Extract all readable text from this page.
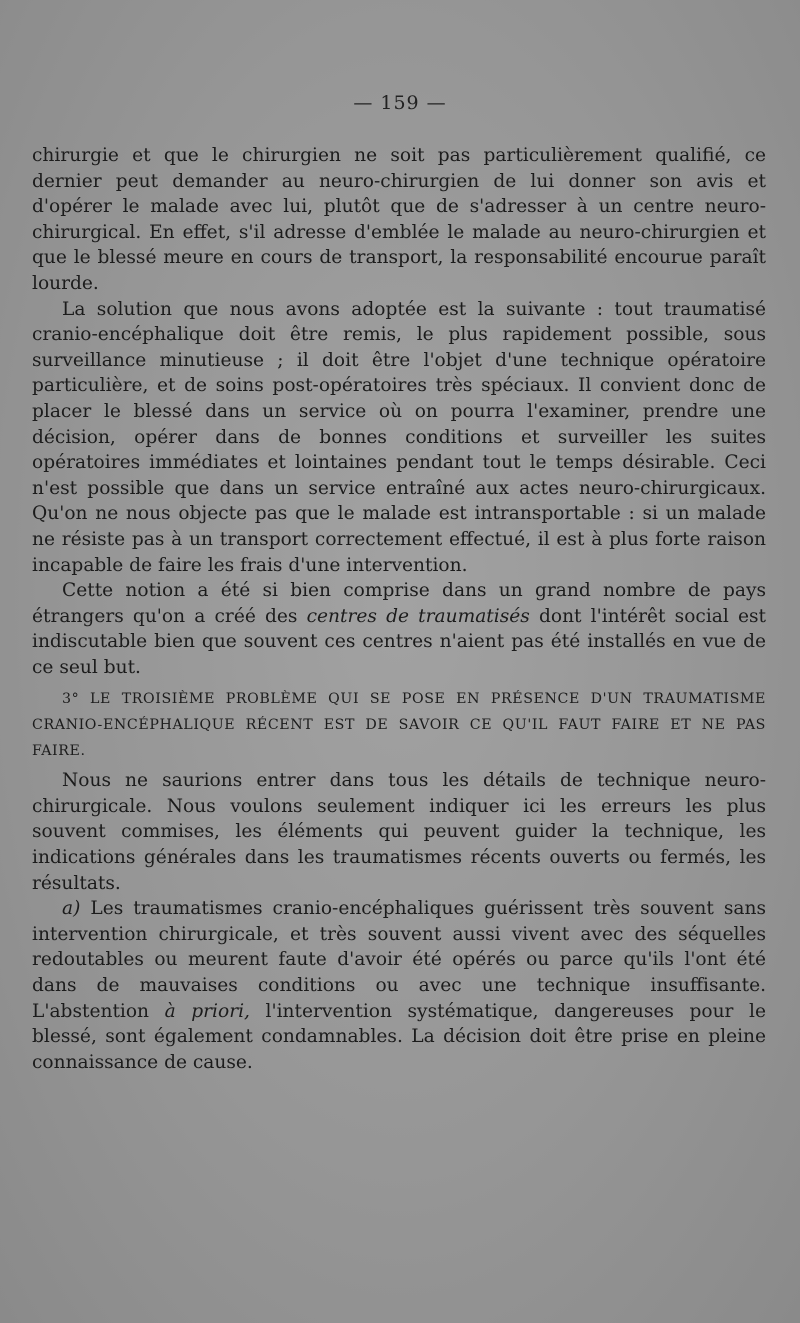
— 159 —

chirurgie et que le chirurgien ne soit pas particulièrement qualifié, ce dernier peut demander au neuro-chirurgien de lui donner son avis et d'opérer le malade avec lui, plutôt que de s'adresser à un centre neuro-chirurgical. En effet, s'il adresse d'emblée le malade au neuro-chirurgien et que le blessé meure en cours de transport, la responsabilité encourue paraît lourde.

La solution que nous avons adoptée est la suivante : tout traumatisé cranio-encéphalique doit être remis, le plus rapidement possible, sous surveillance minutieuse ; il doit être l'objet d'une technique opératoire particulière, et de soins post-opératoires très spéciaux. Il convient donc de placer le blessé dans un service où on pourra l'examiner, prendre une décision, opérer dans de bonnes conditions et surveiller les suites opératoires immédiates et lointaines pendant tout le temps désirable. Ceci n'est possible que dans un service entraîné aux actes neuro-chirurgicaux. Qu'on ne nous objecte pas que le malade est intransportable : si un malade ne résiste pas à un transport correctement effectué, il est à plus forte raison incapable de faire les frais d'une intervention.

Cette notion a été si bien comprise dans un grand nombre de pays étrangers qu'on a créé des centres de traumatisés dont l'intérêt social est indiscutable bien que souvent ces centres n'aient pas été installés en vue de ce seul but.

3° LE TROISIÈME PROBLÈME QUI SE POSE EN PRÉSENCE D'UN TRAUMATISME CRANIO-ENCÉPHALIQUE RÉCENT EST DE SAVOIR CE QU'IL FAUT FAIRE ET NE PAS FAIRE.

Nous ne saurions entrer dans tous les détails de technique neuro-chirurgicale. Nous voulons seulement indiquer ici les erreurs les plus souvent commises, les éléments qui peuvent guider la technique, les indications générales dans les traumatismes récents ouverts ou fermés, les résultats.

a) Les traumatismes cranio-encéphaliques guérissent très souvent sans intervention chirurgicale, et très souvent aussi vivent avec des séquelles redoutables ou meurent faute d'avoir été opérés ou parce qu'ils l'ont été dans de mauvaises conditions ou avec une technique insuffisante. L'abstention à priori, l'intervention systématique, dangereuses pour le blessé, sont également condamnables. La décision doit être prise en pleine connaissance de cause.
